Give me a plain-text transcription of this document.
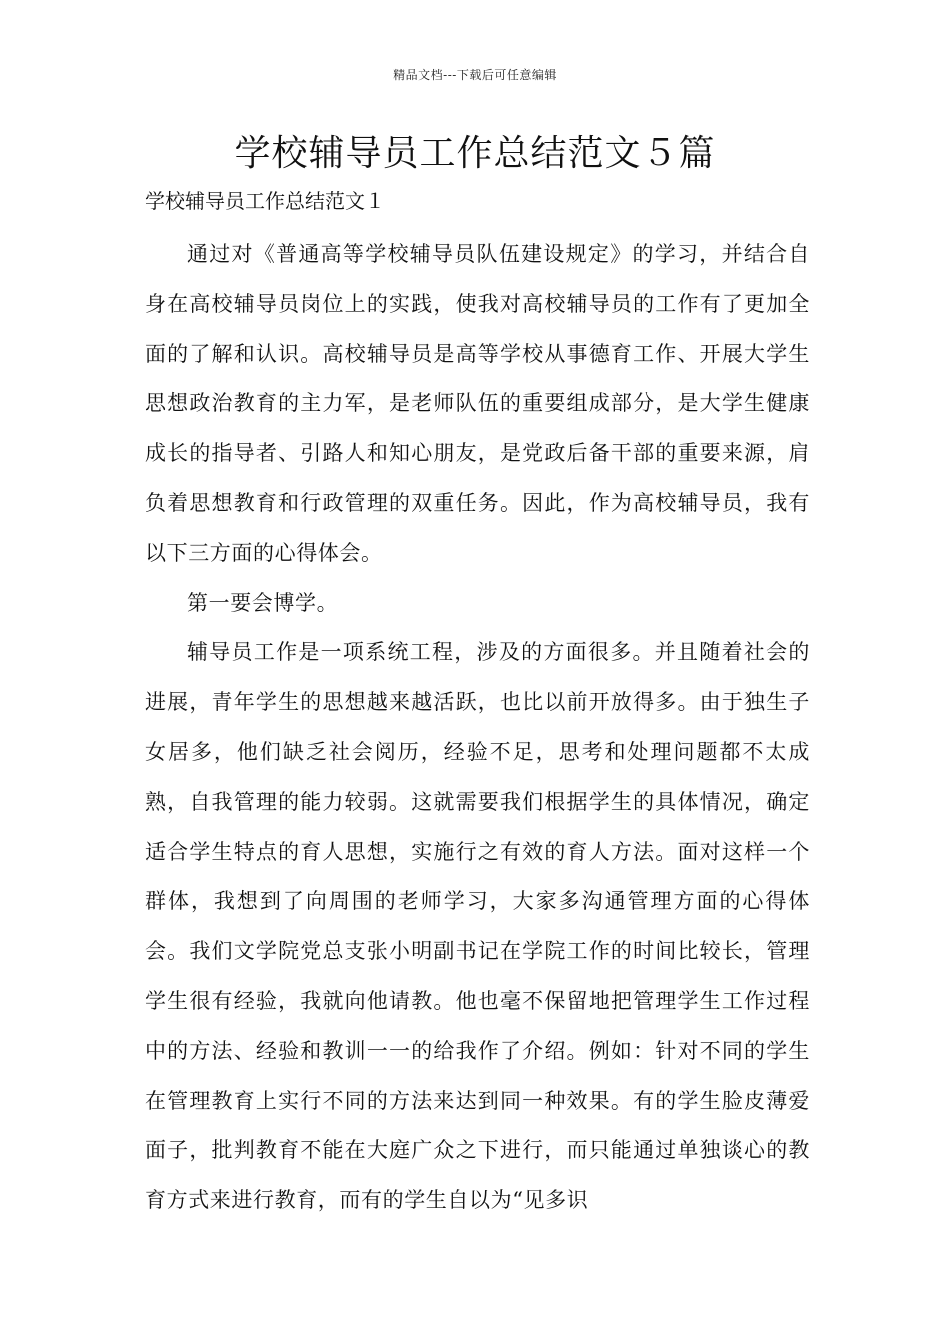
精品文档---下载后可任意编辑
学校辅导员工作总结范文５篇
学校辅导员工作总结范文１

通过对《普通高等学校辅导员队伍建设规定》的学习，并结合自身在高校辅导员岗位上的实践，使我对高校辅导员的工作有了更加全面的了解和认识。高校辅导员是高等学校从事德育工作、开展大学生思想政治教育的主力军，是老师队伍的重要组成部分，是大学生健康成长的指导者、引路人和知心朋友，是党政后备干部的重要来源，肩负着思想教育和行政管理的双重任务。因此，作为高校辅导员，我有以下三方面的心得体会。

第一要会博学。

辅导员工作是一项系统工程，涉及的方面很多。并且随着社会的进展，青年学生的思想越来越活跃，也比以前开放得多。由于独生子女居多，他们缺乏社会阅历，经验不足，思考和处理问题都不太成熟，自我管理的能力较弱。这就需要我们根据学生的具体情况，确定适合学生特点的育人思想，实施行之有效的育人方法。面对这样一个群体，我想到了向周围的老师学习，大家多沟通管理方面的心得体会。我们文学院党总支张小明副书记在学院工作的时间比较长，管理学生很有经验，我就向他请教。他也毫不保留地把管理学生工作过程中的方法、经验和教训一一的给我作了介绍。例如：针对不同的学生在管理教育上实行不同的方法来达到同一种效果。有的学生脸皮薄爱面子，批判教育不能在大庭广众之下进行，而只能通过单独谈心的教育方式来进行教育，而有的学生自以为“见多识
